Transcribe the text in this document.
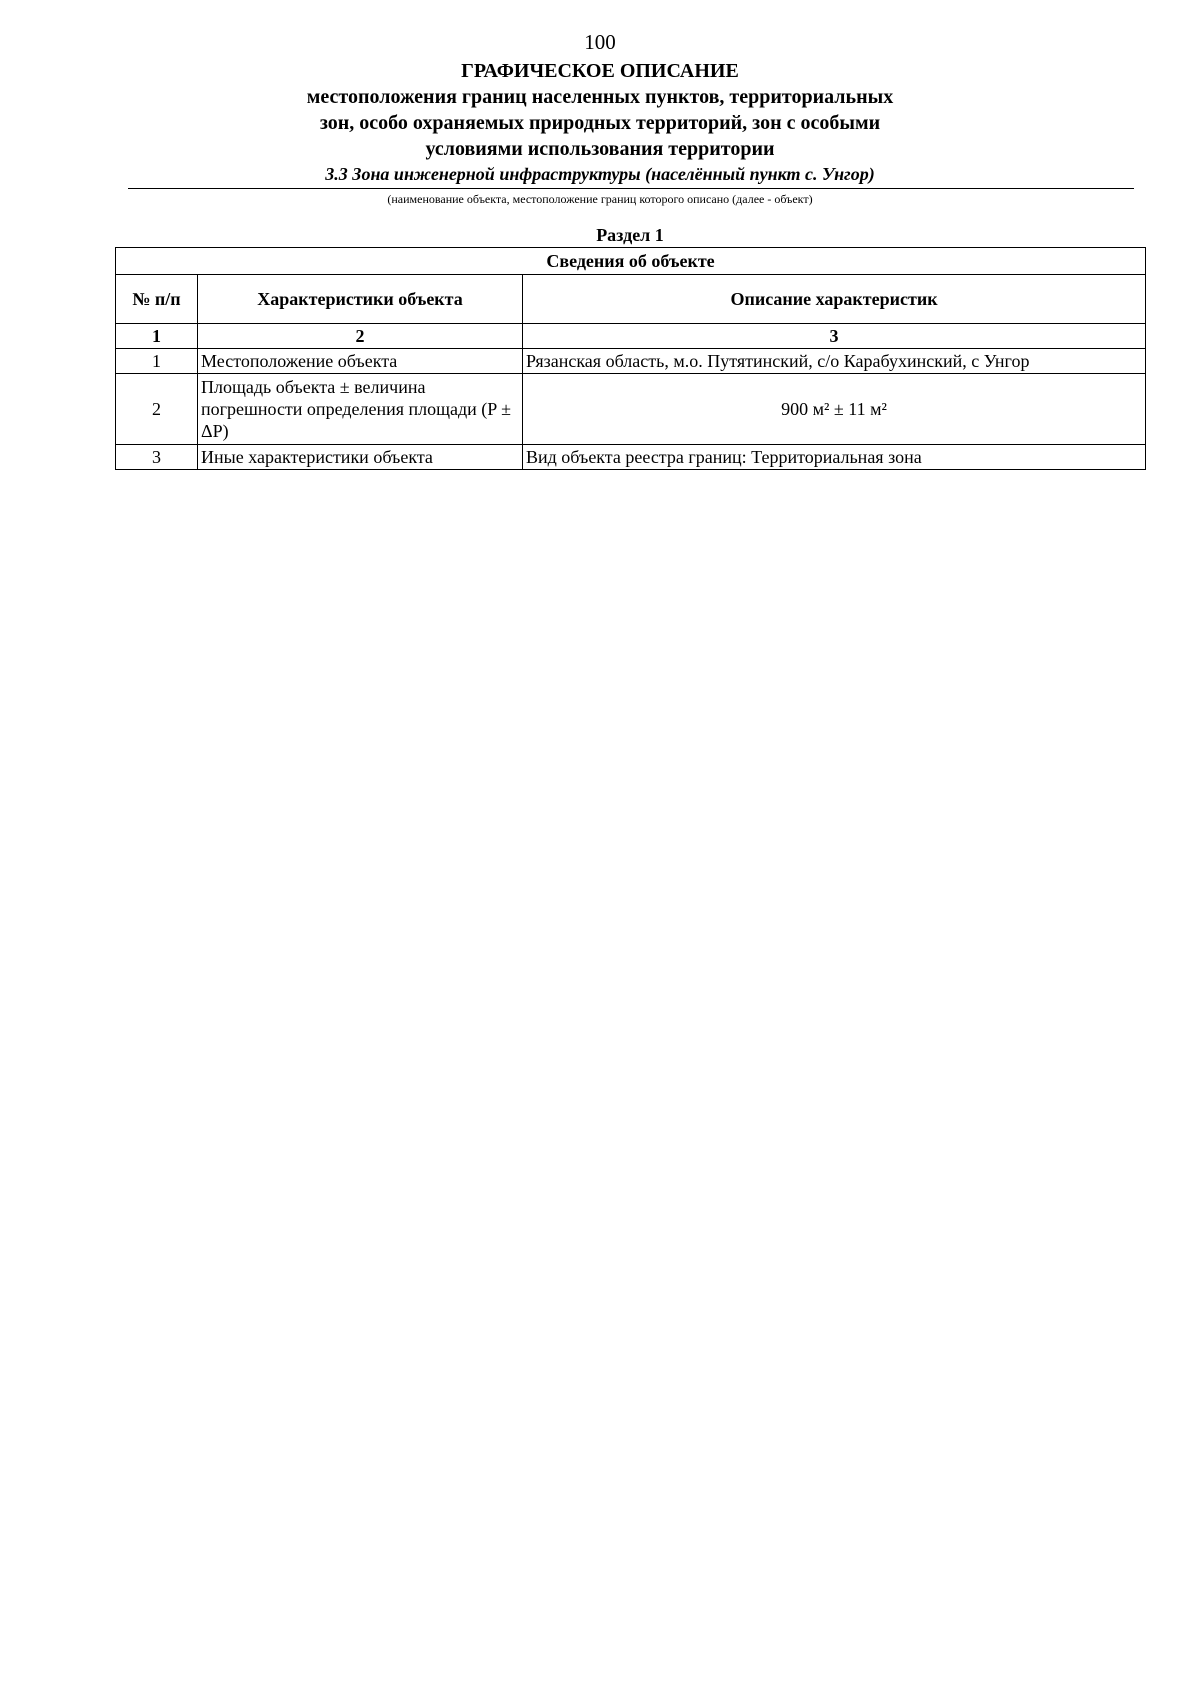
100
ГРАФИЧЕСКОЕ ОПИСАНИЕ
местоположения границ населенных пунктов, территориальных
зон, особо охраняемых природных территорий, зон с особыми
условиями использования территории
3.3 Зона инженерной инфраструктуры (населённый пункт с. Унгор)
(наименование объекта, местоположение границ которого описано (далее - объект)
Раздел 1
Сведения об объекте		
№ п/п	Характеристики объекта	Описание характеристик
1	2	3
1	Местоположение объекта	Рязанская область, м.о. Путятинский, с/о Карабухинский, с Унгор
2	Площадь объекта ± величина погрешности определения площади (P ± ΔP)	900 м² ± 11 м²
3	Иные характеристики объекта	Вид объекта реестра границ: Территориальная зона
